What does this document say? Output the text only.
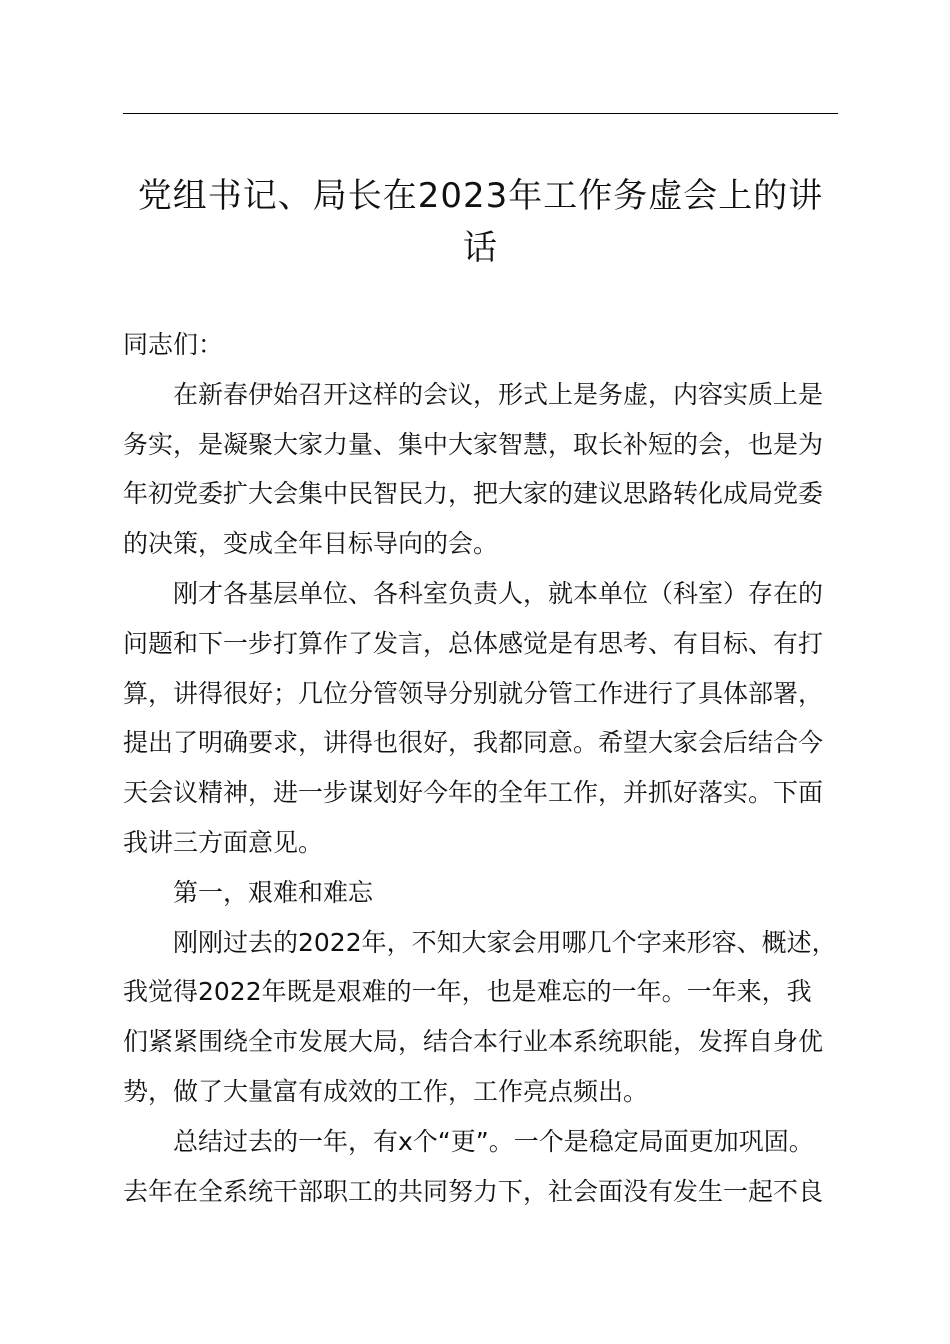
党组书记、局长在2023年工作务虚会上的讲
话

同志们：

在新春伊始召开这样的会议，形式上是务虚，内容实质上是

务实，是凝聚大家力量、集中大家智慧，取长补短的会，也是为

年初党委扩大会集中民智民力，把大家的建议思路转化成局党委

的决策，变成全年目标导向的会。

刚才各基层单位、各科室负责人，就本单位（科室）存在的

问题和下一步打算作了发言，总体感觉是有思考、有目标、有打

算，讲得很好；几位分管领导分别就分管工作进行了具体部署，

提出了明确要求，讲得也很好，我都同意。希望大家会后结合今

天会议精神，进一步谋划好今年的全年工作，并抓好落实。下面

我讲三方面意见。

第一，艰难和难忘

刚刚过去的2022年，不知大家会用哪几个字来形容、概述，

我觉得2022年既是艰难的一年，也是难忘的一年。一年来，我

们紧紧围绕全市发展大局，结合本行业本系统职能，发挥自身优

势，做了大量富有成效的工作，工作亮点频出。

总结过去的一年，有x个“更”。一个是稳定局面更加巩固。

去年在全系统干部职工的共同努力下，社会面没有发生一起不良
